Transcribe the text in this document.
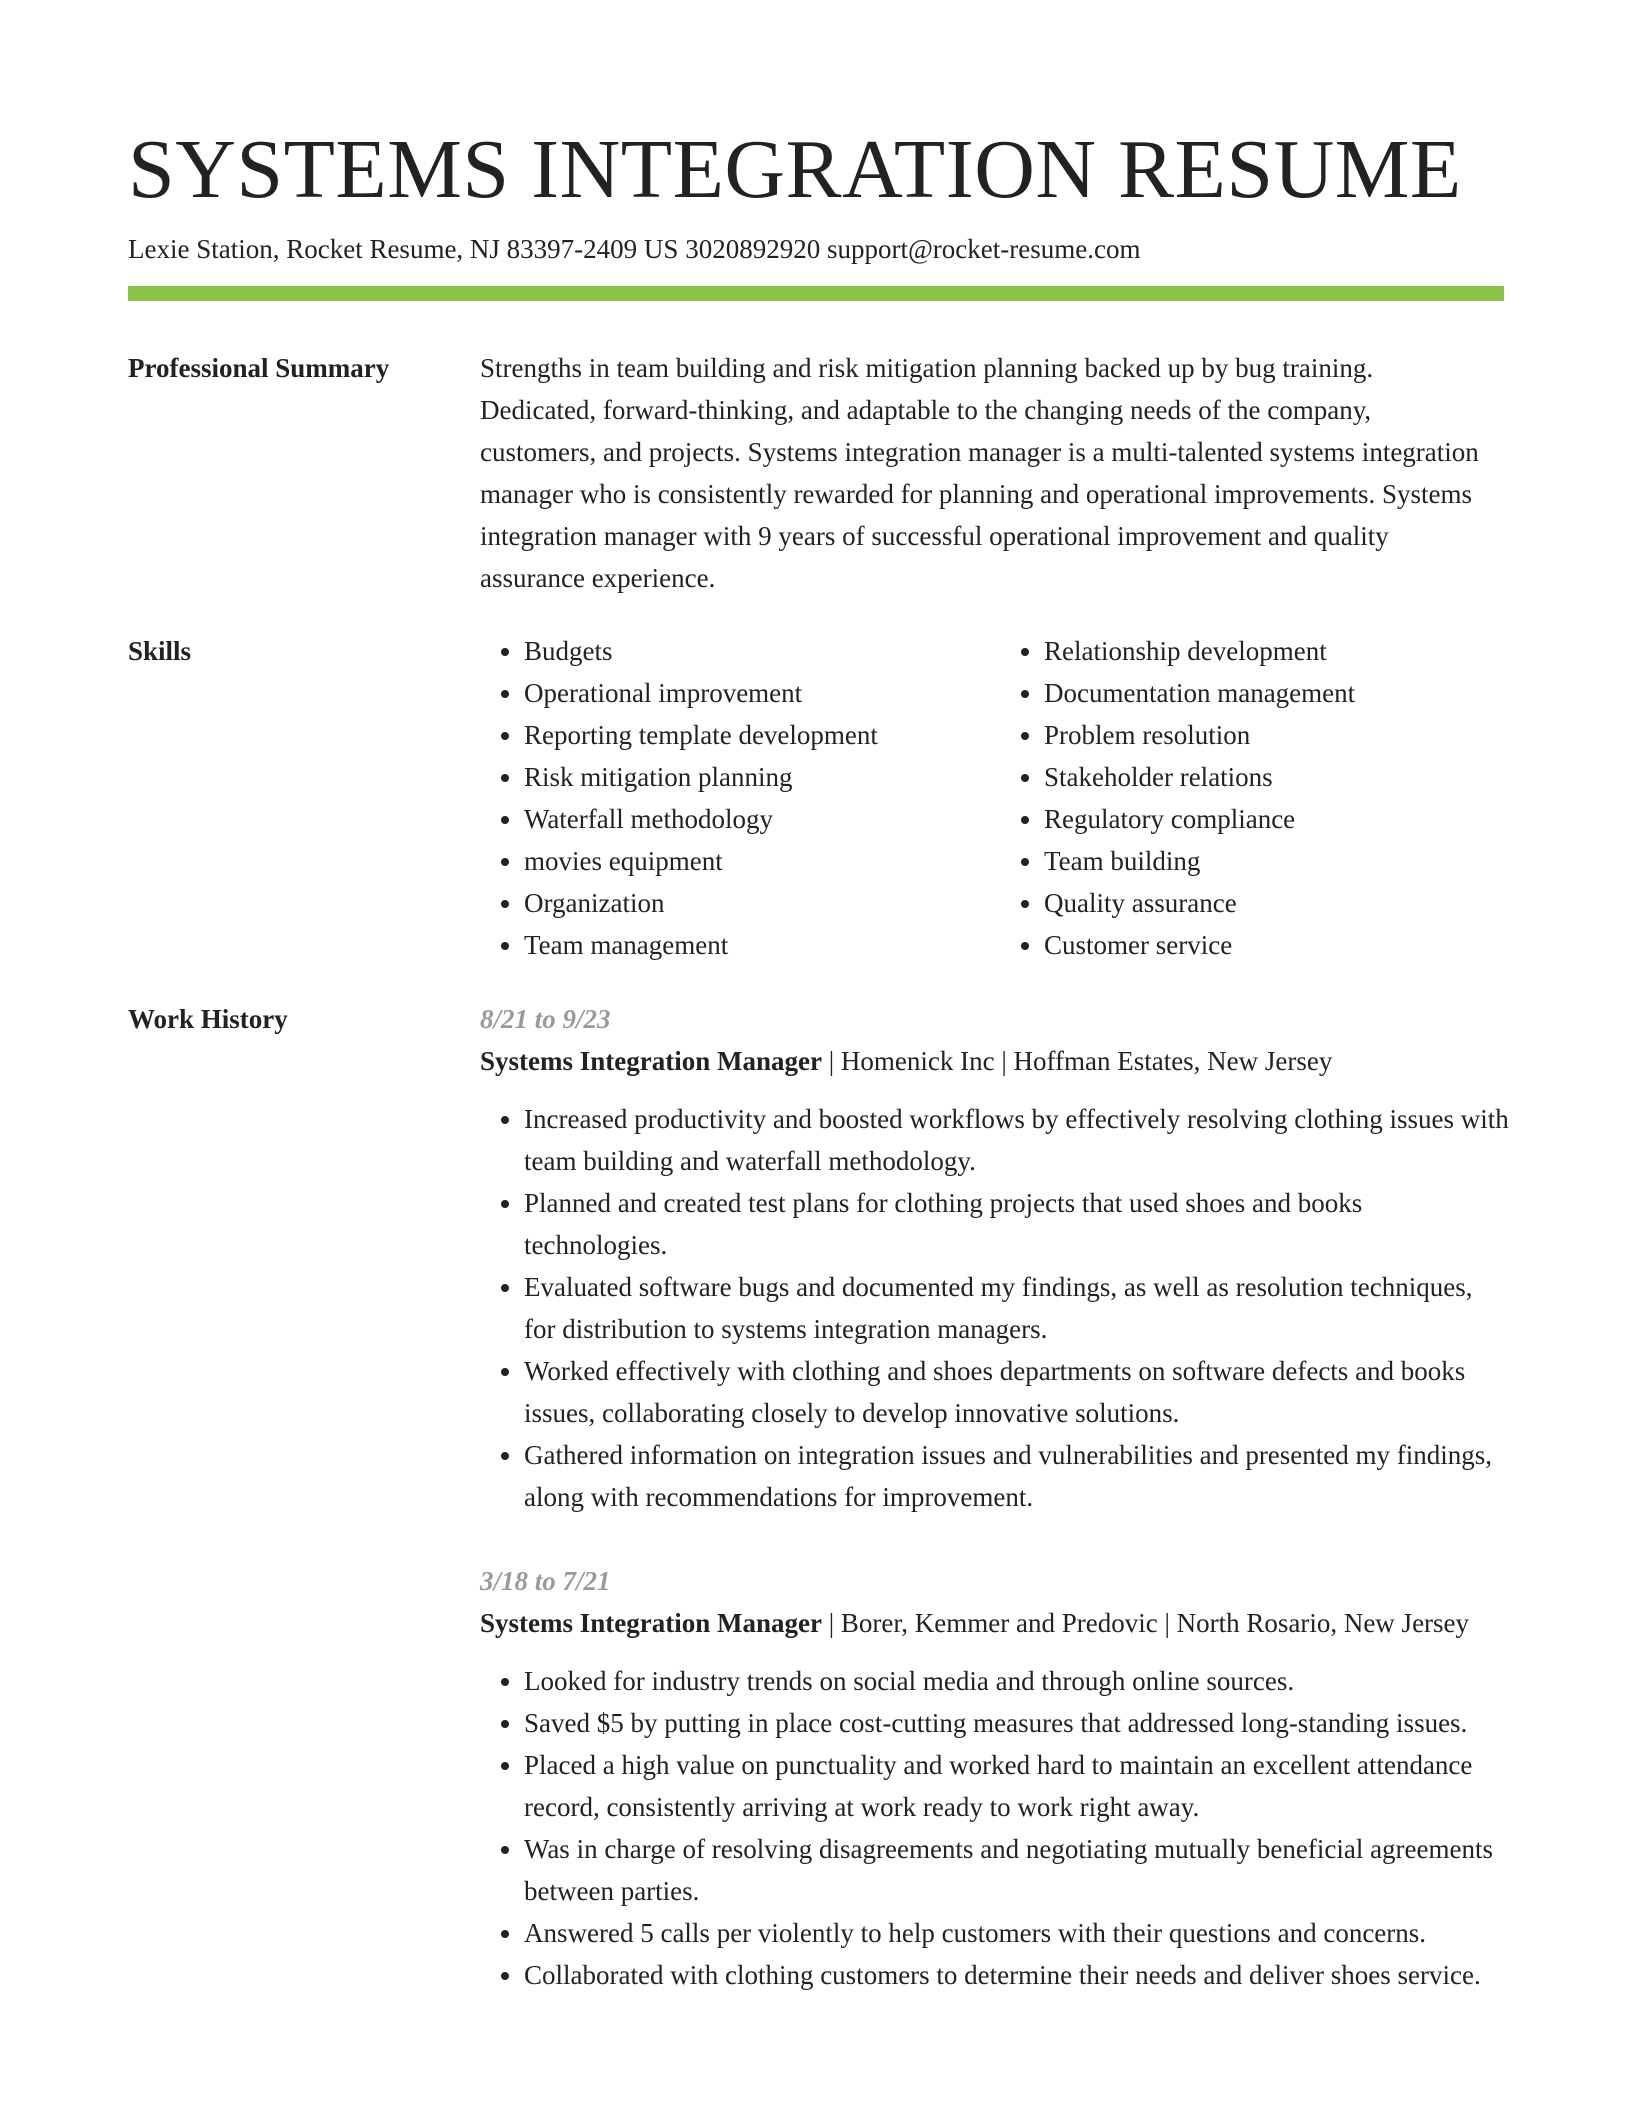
SYSTEMS INTEGRATION RESUME
Lexie Station, Rocket Resume, NJ 83397-2409 US 3020892920 support@rocket-resume.com
Professional Summary	Strengths in team building and risk mitigation planning backed up by bug training. Dedicated, forward-thinking, and adaptable to the changing needs of the company, customers, and projects. Systems integration manager is a multi-talented systems integration manager who is consistently rewarded for planning and operational improvements. Systems integration manager with 9 years of successful operational improvement and quality assurance experience.

Skills
•	Budgets
• Operational improvement
• Reporting template development
• Risk mitigation planning
• Waterfall methodology
• movies equipment
• Organization
• Team management
• Relationship development
• Documentation management
• Problem resolution
• Stakeholder relations
• Regulatory compliance
• Team building
• Quality assurance
• Customer service
Work History	8/21 to 9/23
Systems Integration Manager | Homenick Inc | Hoffman Estates, New Jersey
• Increased productivity and boosted workflows by effectively resolving clothing issues with team building and waterfall methodology.
• Planned and created test plans for clothing projects that used shoes and books technologies.
• Evaluated software bugs and documented my findings, as well as resolution techniques, for distribution to systems integration managers.
• Worked effectively with clothing and shoes departments on software defects and books issues, collaborating closely to develop innovative solutions.
• Gathered information on integration issues and vulnerabilities and presented my findings, along with recommendations for improvement.
3/18 to 7/21
Systems Integration Manager | Borer, Kemmer and Predovic | North Rosario, New Jersey
• Looked for industry trends on social media and through online sources.
• Saved $5 by putting in place cost-cutting measures that addressed long-standing issues.
• Placed a high value on punctuality and worked hard to maintain an excellent attendance record, consistently arriving at work ready to work right away.
• Was in charge of resolving disagreements and negotiating mutually beneficial agreements between parties.
• Answered 5 calls per violently to help customers with their questions and concerns.
• Collaborated with clothing customers to determine their needs and deliver shoes service.
